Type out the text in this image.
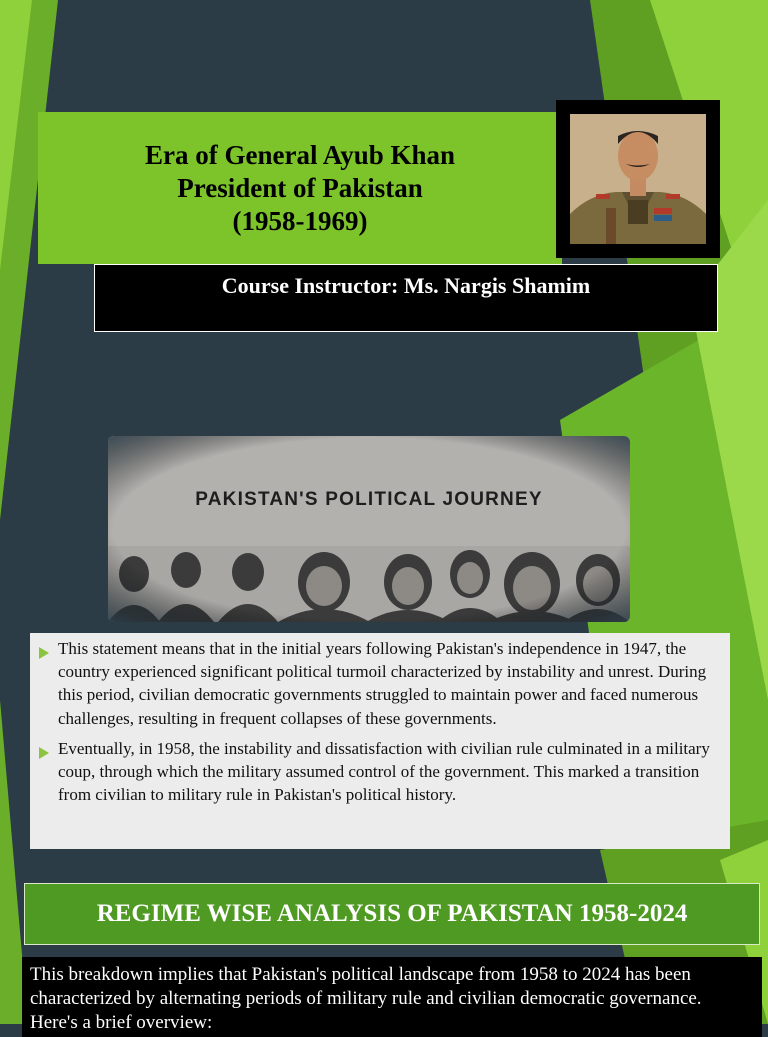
Era of General Ayub Khan
President of Pakistan
(1958-1969)
Course Instructor: Ms. Nargis Shamim
This statement means that in the initial years following Pakistan's independence in 1947, the country experienced significant political turmoil characterized by instability and unrest. During this period, civilian democratic governments struggled to maintain power and faced numerous challenges, resulting in frequent collapses of these governments.
Eventually, in 1958, the instability and dissatisfaction with civilian rule culminated in a military coup, through which the military assumed control of the government. This marked a transition from civilian to military rule in Pakistan's political history.
REGIME WISE ANALYSIS OF PAKISTAN 1958-2024
This breakdown implies that Pakistan's political landscape from 1958 to 2024 has been characterized by alternating periods of military rule and civilian democratic governance. Here's a brief overview:
